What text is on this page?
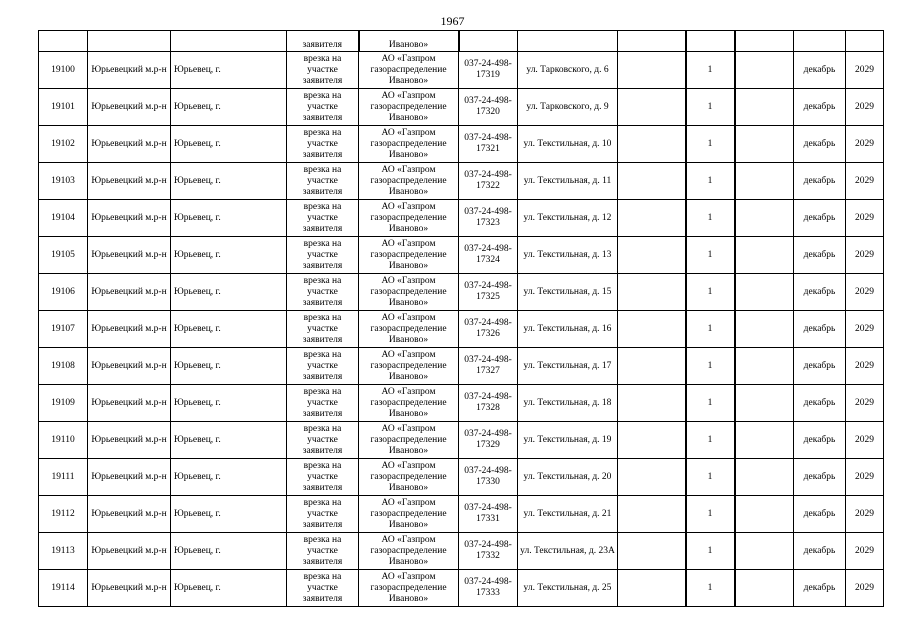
1967
			заявителя	Иваново»							
19100	Юрьевецкий м.р-н	Юрьевец, г.	врезка на участке заявителя	АО «Газпром газораспределение Иваново»	037-24-498-17319	ул. Тарковского, д. 6		1		декабрь	2029
19101	Юрьевецкий м.р-н	Юрьевец, г.	врезка на участке заявителя	АО «Газпром газораспределение Иваново»	037-24-498-17320	ул. Тарковского, д. 9		1		декабрь	2029
19102	Юрьевецкий м.р-н	Юрьевец, г.	врезка на участке заявителя	АО «Газпром газораспределение Иваново»	037-24-498-17321	ул. Текстильная, д. 10		1		декабрь	2029
19103	Юрьевецкий м.р-н	Юрьевец, г.	врезка на участке заявителя	АО «Газпром газораспределение Иваново»	037-24-498-17322	ул. Текстильная, д. 11		1		декабрь	2029
19104	Юрьевецкий м.р-н	Юрьевец, г.	врезка на участке заявителя	АО «Газпром газораспределение Иваново»	037-24-498-17323	ул. Текстильная, д. 12		1		декабрь	2029
19105	Юрьевецкий м.р-н	Юрьевец, г.	врезка на участке заявителя	АО «Газпром газораспределение Иваново»	037-24-498-17324	ул. Текстильная, д. 13		1		декабрь	2029
19106	Юрьевецкий м.р-н	Юрьевец, г.	врезка на участке заявителя	АО «Газпром газораспределение Иваново»	037-24-498-17325	ул. Текстильная, д. 15		1		декабрь	2029
19107	Юрьевецкий м.р-н	Юрьевец, г.	врезка на участке заявителя	АО «Газпром газораспределение Иваново»	037-24-498-17326	ул. Текстильная, д. 16		1		декабрь	2029
19108	Юрьевецкий м.р-н	Юрьевец, г.	врезка на участке заявителя	АО «Газпром газораспределение Иваново»	037-24-498-17327	ул. Текстильная, д. 17		1		декабрь	2029
19109	Юрьевецкий м.р-н	Юрьевец, г.	врезка на участке заявителя	АО «Газпром газораспределение Иваново»	037-24-498-17328	ул. Текстильная, д. 18		1		декабрь	2029
19110	Юрьевецкий м.р-н	Юрьевец, г.	врезка на участке заявителя	АО «Газпром газораспределение Иваново»	037-24-498-17329	ул. Текстильная, д. 19		1		декабрь	2029
19111	Юрьевецкий м.р-н	Юрьевец, г.	врезка на участке заявителя	АО «Газпром газораспределение Иваново»	037-24-498-17330	ул. Текстильная, д. 20		1		декабрь	2029
19112	Юрьевецкий м.р-н	Юрьевец, г.	врезка на участке заявителя	АО «Газпром газораспределение Иваново»	037-24-498-17331	ул. Текстильная, д. 21		1		декабрь	2029
19113	Юрьевецкий м.р-н	Юрьевец, г.	врезка на участке заявителя	АО «Газпром газораспределение Иваново»	037-24-498-17332	ул. Текстильная, д. 23А		1		декабрь	2029
19114	Юрьевецкий м.р-н	Юрьевец, г.	врезка на участке заявителя	АО «Газпром газораспределение Иваново»	037-24-498-17333	ул. Текстильная, д. 25		1		декабрь	2029
